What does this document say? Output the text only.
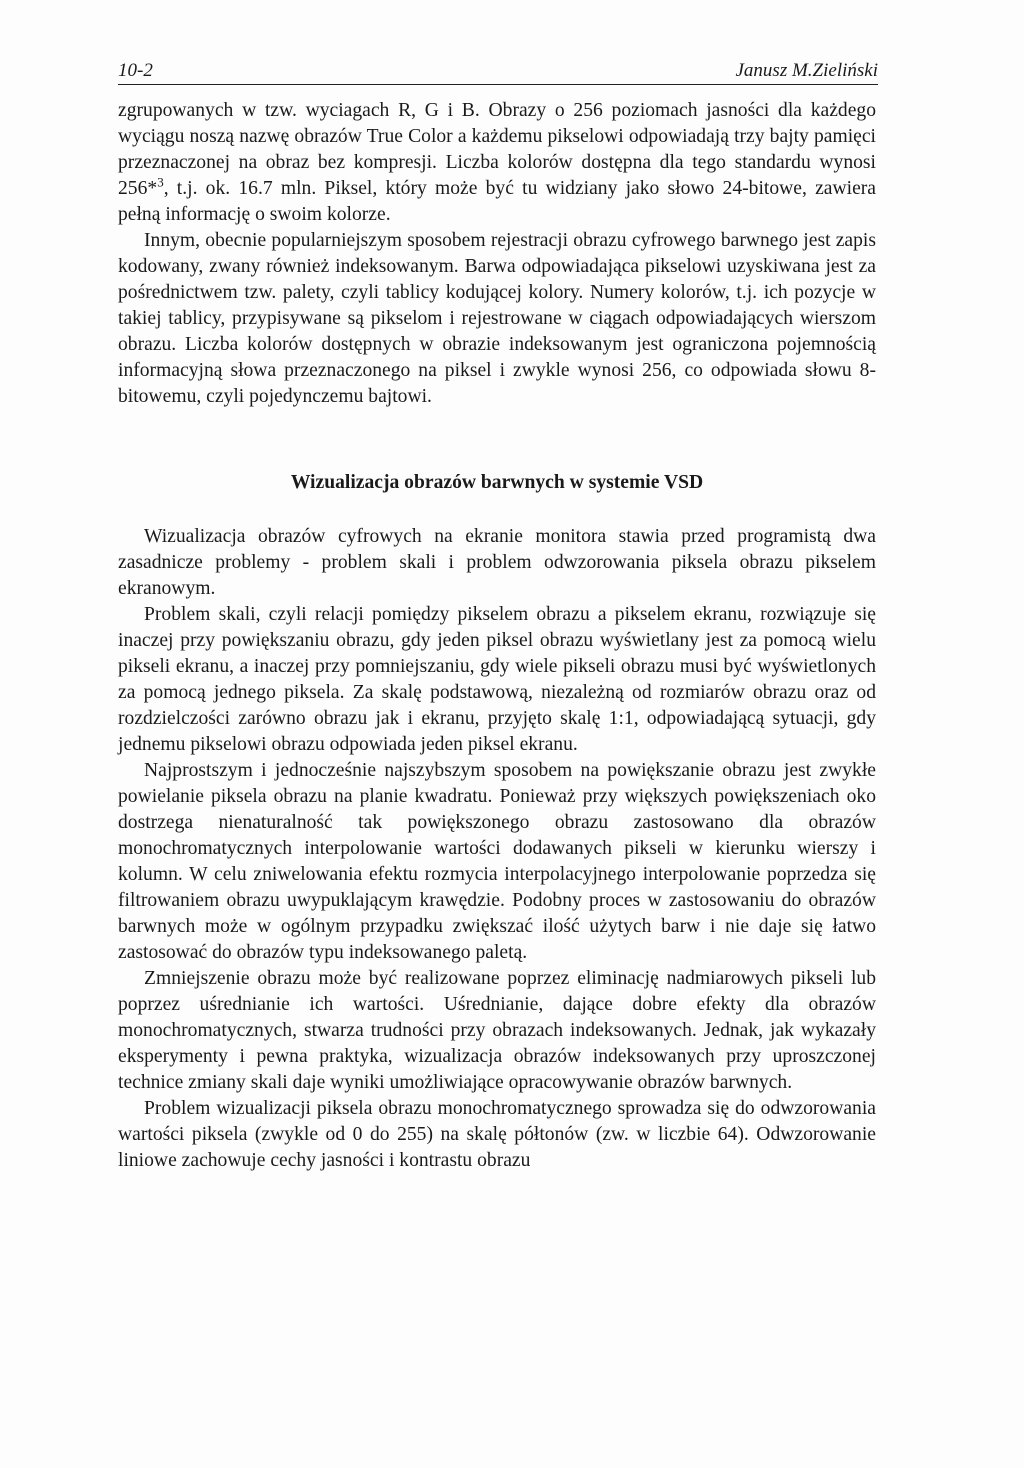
10-2	Janusz M.Zieliński

zgrupowanych w tzw. wyciagach R, G i B. Obrazy o 256 poziomach jasności dla każdego wyciągu noszą nazwę obrazów True Color a każdemu pikselowi odpowiadają trzy bajty pamięci przeznaczonej na obraz bez kompresji. Liczba kolorów dostępna dla tego standardu wynosi 256*$^3$, t.j. ok. 16.7 mln. Piksel, który może być tu widziany jako słowo 24-bitowe, zawiera pełną informację o swoim kolorze.

Innym, obecnie popularniejszym sposobem rejestracji obrazu cyfrowego barwnego jest zapis kodowany, zwany również indeksowanym. Barwa odpowiadająca pikselowi uzyskiwana jest za pośrednictwem tzw. palety, czyli tablicy kodującej kolory. Numery kolorów, t.j. ich pozycje w takiej tablicy, przypisywane są pikselom i rejestrowane w ciągach odpowiadających wierszom obrazu. Liczba kolorów dostępnych w obrazie indeksowanym jest ograniczona pojemnością informacyjną słowa przeznaczonego na piksel i zwykle wynosi 256, co odpowiada słowu 8-bitowemu, czyli pojedynczemu bajtowi.

Wizualizacja obrazów barwnych w systemie VSD

Wizualizacja obrazów cyfrowych na ekranie monitora stawia przed programistą dwa zasadnicze problemy - problem skali i problem odwzorowania piksela obrazu pikselem ekranowym.

Problem skali, czyli relacji pomiędzy pikselem obrazu a pikselem ekranu, rozwiązuje się inaczej przy powiększaniu obrazu, gdy jeden piksel obrazu wyświetlany jest za pomocą wielu pikseli ekranu, a inaczej przy pomniejszaniu, gdy wiele pikseli obrazu musi być wyświetlonych za pomocą jednego piksela. Za skalę podstawową, niezależną od rozmiarów obrazu oraz od rozdzielczości zarówno obrazu jak i ekranu, przyjęto skalę 1:1, odpowiadającą sytuacji, gdy jednemu pikselowi obrazu odpowiada jeden piksel ekranu.

Najprostszym i jednocześnie najszybszym sposobem na powiększanie obrazu jest zwykłe powielanie piksela obrazu na planie kwadratu. Ponieważ przy większych powiększeniach oko dostrzega nienaturalność tak powiększonego obrazu zastosowano dla obrazów monochromatycznych interpolowanie wartości dodawanych pikseli w kierunku wierszy i kolumn. W celu zniwelowania efektu rozmycia interpolacyjnego interpolowanie poprzedza się filtrowaniem obrazu uwypuklającym krawędzie. Podobny proces w zastosowaniu do obrazów barwnych może w ogólnym przypadku zwiększać ilość użytych barw i nie daje się łatwo zastosować do obrazów typu indeksowanego paletą.

Zmniejszenie obrazu może być realizowane poprzez eliminację nadmiarowych pikseli lub poprzez uśrednianie ich wartości. Uśrednianie, dające dobre efekty dla obrazów monochromatycznych, stwarza trudności przy obrazach indeksowanych. Jednak, jak wykazały eksperymenty i pewna praktyka, wizualizacja obrazów indeksowanych przy uproszczonej technice zmiany skali daje wyniki umożliwiające opracowywanie obrazów barwnych.

Problem wizualizacji piksela obrazu monochromatycznego sprowadza się do odwzorowania wartości piksela (zwykle od 0 do 255) na skalę półtonów (zw. w liczbie 64). Odwzorowanie liniowe zachowuje cechy jasności i kontrastu obrazu
